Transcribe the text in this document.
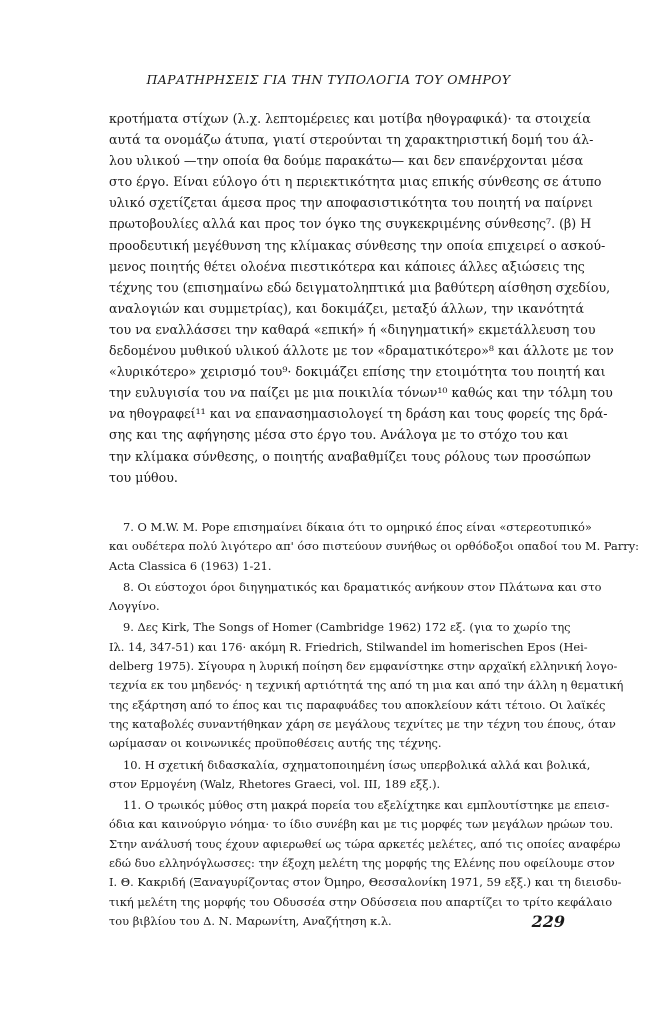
ΠΑΡΑΤΗΡΗΣΕΙΣ ΓΙΑ ΤΗΝ ΤΥΠΟΛΟΓΙΑ ΤΟΥ ΟΜΗΡΟΥ
κροτήματα στίχων (λ.χ. λεπτομέρειες και μοτίβα ηθογραφικά)· τα στοιχεία
αυτά τα ονομάζω άτυπα, γιατί στερούνται τη χαρακτηριστική δομή του άλ-
λου υλικού —την οποία θα δούμε παρακάτω— και δεν επανέρχονται μέσα
στο έργο. Είναι εύλογο ότι η περιεκτικότητα μιας επικής σύνθεσης σε άτυπο
υλικό σχετίζεται άμεσα προς την αποφασιστικότητα του ποιητή να παίρνει
πρωτοβουλίες αλλά και προς τον όγκο της συγκεκριμένης σύνθεσης⁷. (β) Η
προοδευτική μεγέθυνση της κλίμακας σύνθεσης την οποία επιχειρεί ο ασκού-
μενος ποιητής θέτει ολοένα πιεστικότερα και κάποιες άλλες αξιώσεις της
τέχνης του (επισημαίνω εδώ δειγματοληπτικά μια βαθύτερη αίσθηση σχεδίου,
αναλογιών και συμμετρίας), και δοκιμάζει, μεταξύ άλλων, την ικανότητά
του να εναλλάσσει την καθαρά «επική» ή «διηγηματική» εκμετάλλευση του
δεδομένου μυθικού υλικού άλλοτε με τον «δραματικότερο»⁸ και άλλοτε με τον
«λυρικότερο» χειρισμό του⁹· δοκιμάζει επίσης την ετοιμότητα του ποιητή και
την ευλυγισία του να παίζει με μια ποικιλία τόνων¹⁰ καθώς και την τόλμη του
να ηθογραφεί¹¹ και να επανασημασιολογεί τη δράση και τους φορείς της δρά-
σης και της αφήγησης μέσα στο έργο του. Ανάλογα με το στόχο του και
την κλίμακα σύνθεσης, ο ποιητής αναβαθμίζει τους ρόλους των προσώπων
του μύθου.
7. Ο M.W. M. Pope επισημαίνει δίκαια ότι το ομηρικό έπος είναι «στερεοτυπικό»
και ουδέτερα πολύ λιγότερο απ' όσο πιστεύουν συνήθως οι ορθόδοξοι οπαδοί του M. Parry:
Acta Classica 6 (1963) 1-21.
8. Οι εύστοχοι όροι διηγηματικός και δραματικός ανήκουν στον Πλάτωνα και στο
Λογγίνο.
9. Δες Kirk, The Songs of Homer (Cambridge 1962) 172 εξ. (για το χωρίο της
Ιλ. 14, 347-51) και 176· ακόμη R. Friedrich, Stilwandel im homerischen Epos (Hei-
delberg 1975). Σίγουρα η λυρική ποίηση δεν εμφανίστηκε στην αρχαϊκή ελληνική λογο-
τεχνία εκ του μηδενός· η τεχνική αρτιότητά της από τη μια και από την άλλη η θεματική
της εξάρτηση από το έπος και τις παραφυάδες του αποκλείουν κάτι τέτοιο. Οι λαϊκές
της καταβολές συναντήθηκαν χάρη σε μεγάλους τεχνίτες με την τέχνη του έπους, όταν
ωρίμασαν οι κοινωνικές προϋποθέσεις αυτής της τέχνης.
10. Η σχετική διδασκαλία, σχηματοποιημένη ίσως υπερβολικά αλλά και βολικά,
στον Ερμογένη (Walz, Rhetores Graeci, vol. III, 189 εξξ.).
11. Ο τρωικός μύθος στη μακρά πορεία του εξελίχτηκε και εμπλουτίστηκε με επεισ-
όδια και καινούργιο νόημα· το ίδιο συνέβη και με τις μορφές των μεγάλων ηρώων του.
Στην ανάλυσή τους έχουν αφιερωθεί ως τώρα αρκετές μελέτες, από τις οποίες αναφέρω
εδώ δυο ελληνόγλωσσες: την έξοχη μελέτη της μορφής της Ελένης που οφείλουμε στον
Ι. Θ. Κακριδή (Ξαναγυρίζοντας στον Όμηρο, Θεσσαλονίκη 1971, 59 εξξ.) και τη διεισδυ-
τική μελέτη της μορφής του Οδυσσέα στην Οδύσσεια που απαρτίζει το τρίτο κεφάλαιο
του βιβλίου του Δ. Ν. Μαρωνίτη, Αναζήτηση κ.λ.	229
